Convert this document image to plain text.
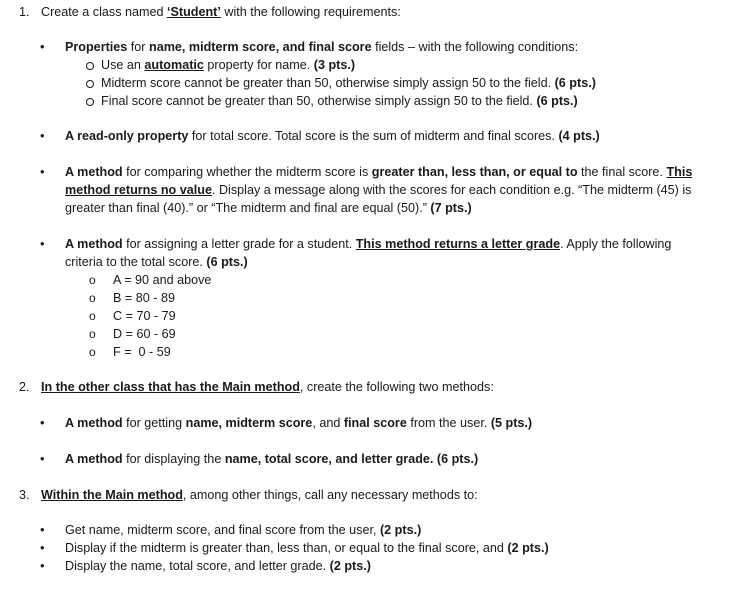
1. Create a class named ‘Student’ with the following requirements:
• Properties for name, midterm score, and final score fields – with the following conditions:
Use an automatic property for name. (3 pts.)
Midterm score cannot be greater than 50, otherwise simply assign 50 to the field. (6 pts.)
Final score cannot be greater than 50, otherwise simply assign 50 to the field. (6 pts.)
• A read-only property for total score. Total score is the sum of midterm and final scores. (4 pts.)
• A method for comparing whether the midterm score is greater than, less than, or equal to the final score. This
method returns no value. Display a message along with the scores for each condition e.g. “The midterm (45) is
greater than final (40).” or “The midterm and final are equal (50).” (7 pts.)
• A method for assigning a letter grade for a student. This method returns a letter grade. Apply the following
criteria to the total score. (6 pts.)
o A = 90 and above
o B = 80 - 89
o C = 70 - 79
o D = 60 - 69
o F =  0 - 59
2. In the other class that has the Main method, create the following two methods:
• A method for getting name, midterm score, and final score from the user. (5 pts.)
• A method for displaying the name, total score, and letter grade. (6 pts.)
3. Within the Main method, among other things, call any necessary methods to:
• Get name, midterm score, and final score from the user, (2 pts.)
• Display if the midterm is greater than, less than, or equal to the final score, and (2 pts.)
• Display the name, total score, and letter grade. (2 pts.)
